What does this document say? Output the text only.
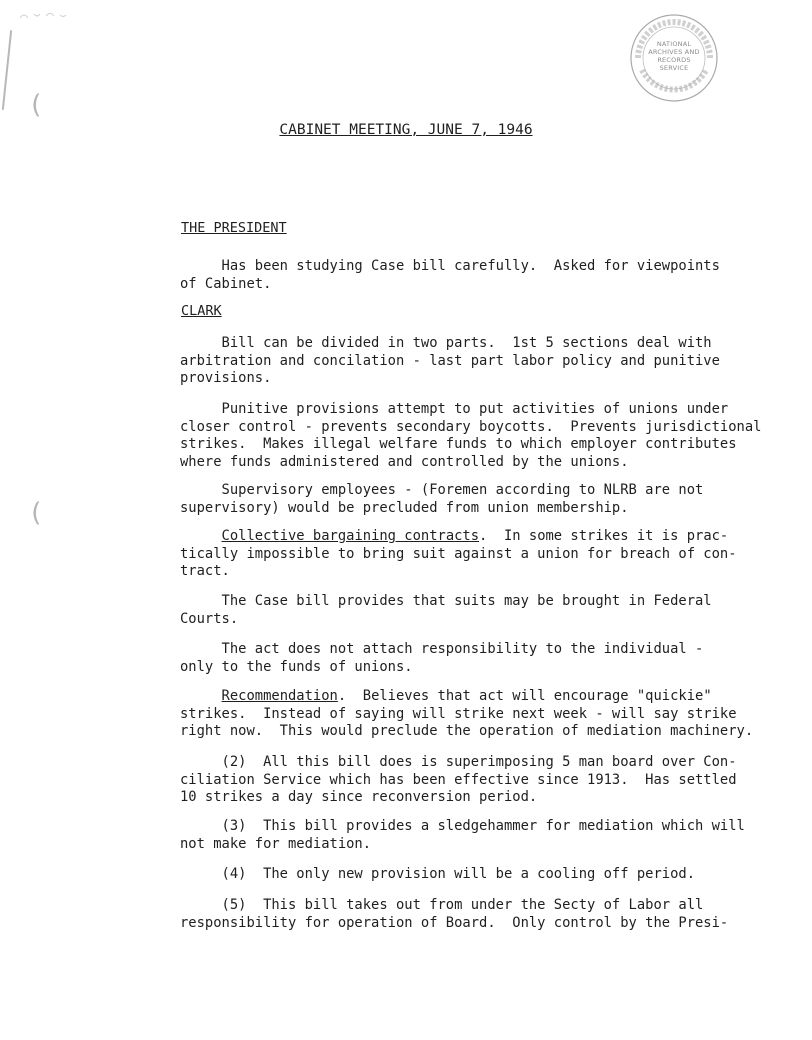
(
(
NATIONAL
ARCHIVES AND
RECORDS
SERVICE
CABINET MEETING, JUNE 7, 1946
THE PRESIDENT
Has been studying Case bill carefully.  Asked for viewpoints
of Cabinet.
CLARK
Bill can be divided in two parts.  1st 5 sections deal with
arbitration and concilation - last part labor policy and punitive
provisions.
Punitive provisions attempt to put activities of unions under
closer control - prevents secondary boycotts.  Prevents jurisdictional
strikes.  Makes illegal welfare funds to which employer contributes
where funds administered and controlled by the unions.
Supervisory employees - (Foremen according to NLRB are not
supervisory) would be precluded from union membership.
Collective bargaining contracts.  In some strikes it is prac-
tically impossible to bring suit against a union for breach of con-
tract.
The Case bill provides that suits may be brought in Federal
Courts.
The act does not attach responsibility to the individual -
only to the funds of unions.
Recommendation.  Believes that act will encourage "quickie"
strikes.  Instead of saying will strike next week - will say strike
right now.  This would preclude the operation of mediation machinery.
(2)  All this bill does is superimposing 5 man board over Con-
ciliation Service which has been effective since 1913.  Has settled
10 strikes a day since reconversion period.
(3)  This bill provides a sledgehammer for mediation which will
not make for mediation.
(4)  The only new provision will be a cooling off period.
(5)  This bill takes out from under the Secty of Labor all
responsibility for operation of Board.  Only control by the Presi-
